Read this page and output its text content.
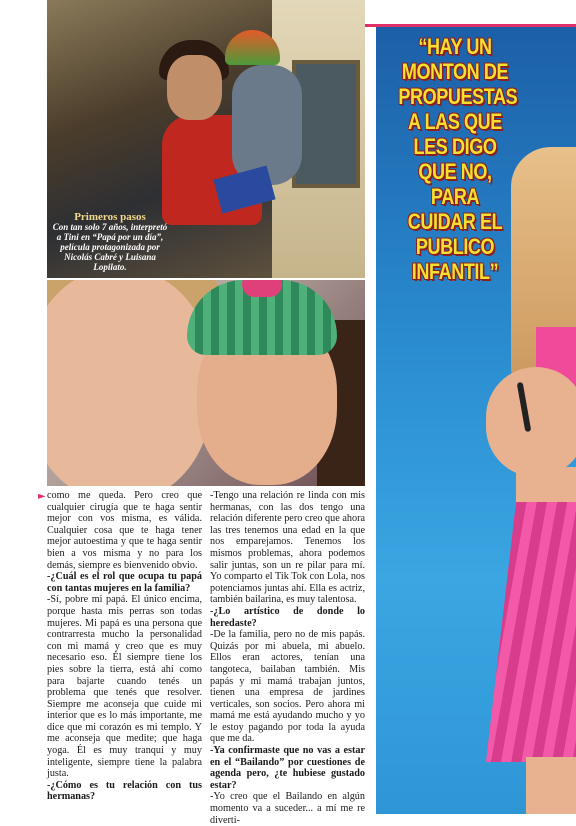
Primeros pasos
Con tan solo 7 años, interpretó a Tini en “Papá por un día”, película protagonizada por Nicolás Cabré y Luisana Lopilato.
“HAY UN MONTON DE PROPUESTAS A LAS QUE LES DIGO QUE NO, PARA CUIDAR EL PUBLICO INFANTIL”
► como me queda. Pero creo que cualquier cirugía que te haga sentir mejor con vos misma, es válida. Cualquier cosa que te haga tener mejor autoestima y que te haga sentir bien a vos misma y no para los demás, siempre es bienvenido obvio.

-¿Cuál es el rol que ocupa tu papá con tantas mujeres en la familia?

-Sí, pobre mi papá. El único encima, porque hasta mis perras son todas mujeres. Mi papá es una persona que contrarresta mucho la personalidad con mi mamá y creo que es muy necesario eso. Él siempre tiene los pies sobre la tierra, está ahí como para bajarte cuando tenés un problema que tenés que resolver. Siempre me aconseja que cuide mi interior que es lo más importante, me dice que mi corazón es mi templo. Y me aconseja que medite; que haga yoga. Él es muy tranqui y muy inteligente, siempre tiene la palabra justa.

-¿Cómo es tu relación con tus hermanas?

-Tengo una relación re linda con mis hermanas, con las dos tengo una relación diferente pero creo que ahora las tres tenemos una edad en la que nos emparejamos. Tenemos los mismos problemas, ahora podemos salir juntas, son un re pilar para mí. Yo comparto el Tik Tok con Lola, nos potenciamos juntas ahí. Ella es actriz, también bailarina, es muy talentosa.

-¿Lo artístico de donde lo heredaste?

-De la familia, pero no de mis papás. Quizás por mi abuela, mi abuelo. Ellos eran actores, tenían una tangoteca, bailaban también. Mis papás y mi mamá trabajan juntos, tienen una empresa de jardines verticales, son socios. Pero ahora mi mamá me está ayudando mucho y yo le estoy pagando por toda la ayuda que me da.

-Ya confirmaste que no vas a estar en el “Bailando” por cuestiones de agenda pero, ¿te hubiese gustado estar?

-Yo creo que el Bailando en algún momento va a suceder... a mí me re diverti-
